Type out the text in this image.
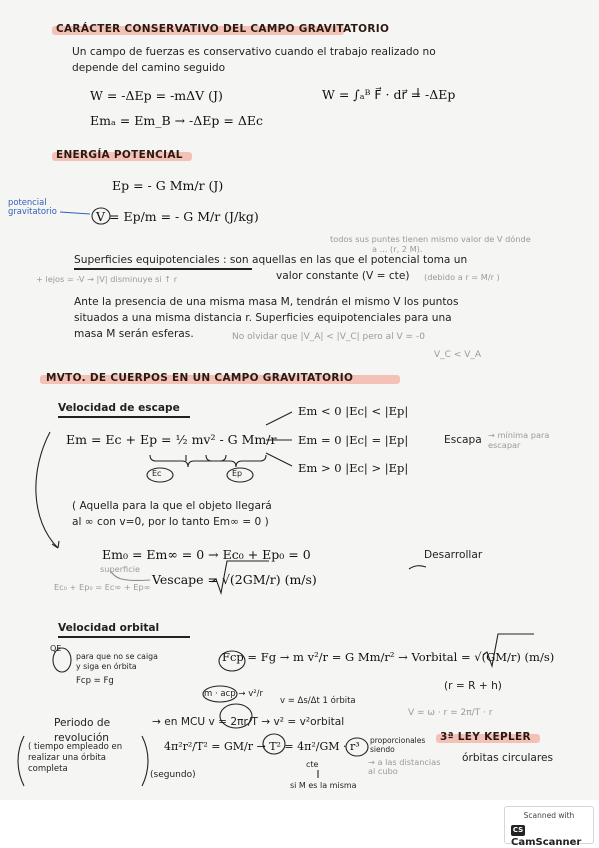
CARÁCTER CONSERVATIVO DEL CAMPO GRAVITATORIO
Un campo de fuerzas es conservativo cuando el trabajo realizado no
depende del camino seguido
W = -ΔEp = -mΔV (J)	W = ∫ₐᴮ F⃗ · dr⃗ = -ΔEp
Emₐ = Em_B → -ΔEp = ΔEc
ENERGÍA POTENCIAL
Ep = - G Mm/r (J)
potencial gravitatorio	V = Ep/m = - G M/r (J/kg)
todos sus puntes tienen mismo valor de V dónde
a ... (r, 2 M).
Superficies equipotenciales : son aquellas en las que el potencial toma un
+ lejos = -V → |V| disminuye si ↑ r	valor constante (V = cte) (debido a r = M/r )
Ante la presencia de una misma masa M, tendrán el mismo V los puntos
situados a una misma distancia r. Superficies equipotenciales para una
masa M serán esferas.	No olvidar que |V_A| < |V_C| pero al V = -0
V_C < V_A
MVTO. DE CUERPOS EN UN CAMPO GRAVITATORIO
Velocidad de escape
Em = Ec + Ep = ½ mv² - G Mm/r
Ec	Ep
Em < 0 |Ec| < |Ep|
Em = 0 |Ec| = |Ep|	Escapa → mínima para escapar
Em > 0 |Ec| > |Ep|
( Aquella para la que el objeto llegará
al ∞ con v=0, por lo tanto Em∞ = 0 )
Em₀ = Em∞ = 0 → Ec₀ + Ep₀ = 0	Desarrollar
superficie
Ec₀ + Ep₀ = Ec∞ + Ep∞ Vescape = √(2GM/r) (m/s)
Velocidad orbital
QE
para que no se caiga
y siga en órbita
Fcp = Fg
Fcp = Fg → m v²/r = G Mm/r² → Vorbital = √(GM/r) (m/s)
m · acp → v²/r
(r = R + h)
v = Δs/Δt 1 órbita
Periodo de revolución
→ en MCU v = 2πr/T → v² = v²orbital
V = ω · r = 2π/T · r
4π²r²/T² = GM/r → T² = 4π²/GM · r³ proporcionales siendo
3ª LEY KEPLER
órbitas circulares
( tiempo empleado en realizar una órbita completa
(segundo)
cte
si M es la misma
→ a las distancias al cubo
Scanned with
CSCamScanner
